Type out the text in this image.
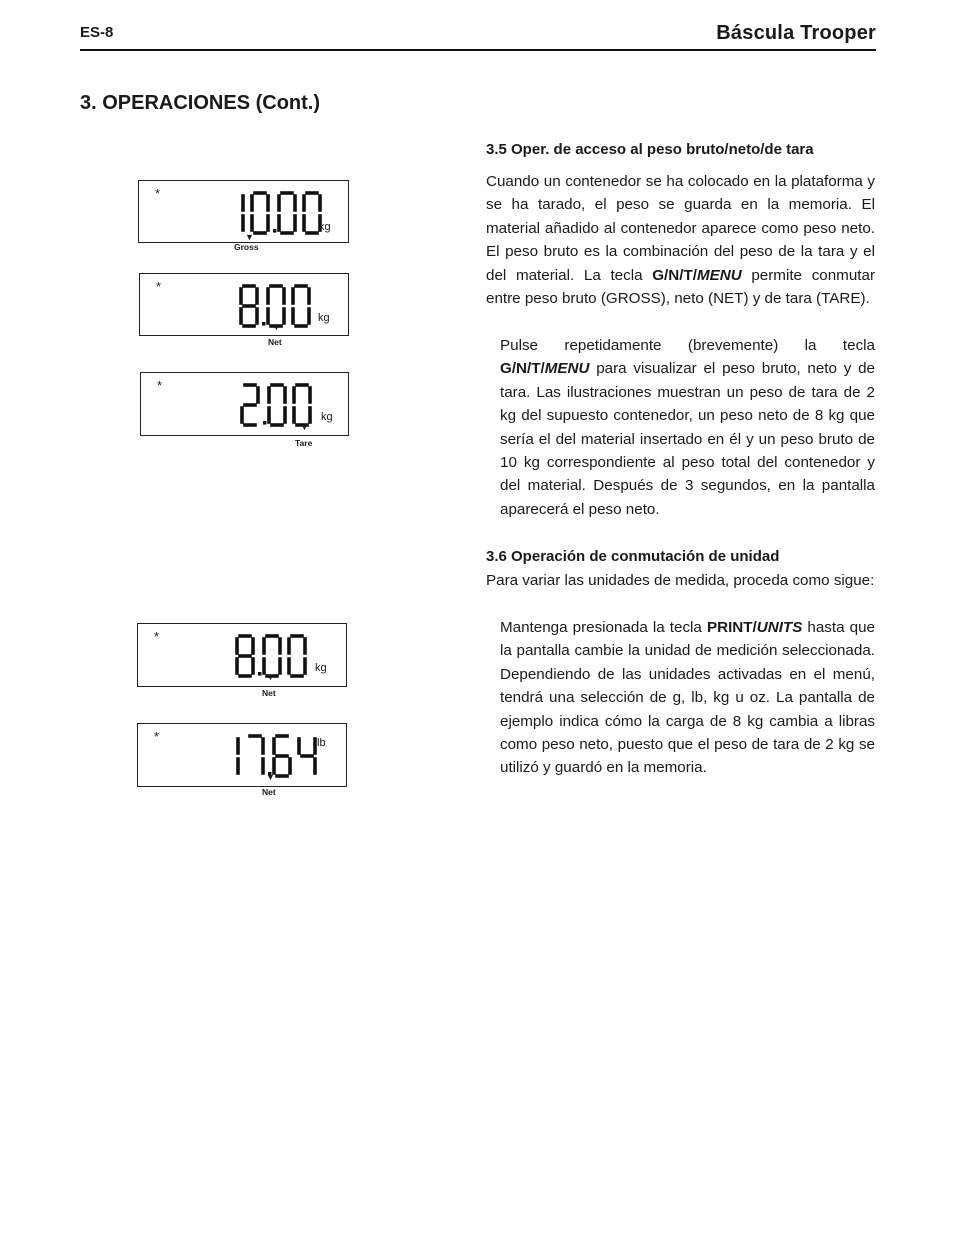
ES-8	Báscula Trooper
3. OPERACIONES (Cont.)
*
kg
▼
Gross
*
kg
▼
Net
*
kg
▼
Tare
*
kg
▼
Net
*	lb
▼
Net
3.5 Oper. de acceso al peso bruto/neto/de tara
Cuando un contenedor se ha colocado en la plataforma y se ha tarado, el peso se guarda en la memoria. El material añadido al contenedor aparece como peso neto. El peso bruto es la combinación del peso de la tara y el del material. La tecla G/N/T/MENU permite conmutar entre peso bruto (GROSS), neto (NET) y de tara (TARE).
Pulse repetidamente (brevemente) la tecla G/N/T/MENU para visualizar el peso bruto, neto y de tara. Las ilustraciones muestran un peso de tara de 2 kg del supuesto contenedor, un peso neto de 8 kg que sería el del material insertado en él y un peso bruto de 10 kg correspondiente al peso total del contenedor y del material. Después de 3 segundos, en la pantalla aparecerá el peso neto.
3.6 Operación de conmutación de unidad
Para variar las unidades de medida, proceda como sigue:
Mantenga presionada la tecla PRINT/UNITS hasta que la pantalla cambie la unidad de medición seleccionada. Dependiendo de las unidades activadas en el menú, tendrá una selección de g, lb, kg u oz. La pantalla de ejemplo indica cómo la carga de 8 kg cambia a libras como peso neto, puesto que el peso de tara de 2 kg se utilizó y guardó en la memoria.
